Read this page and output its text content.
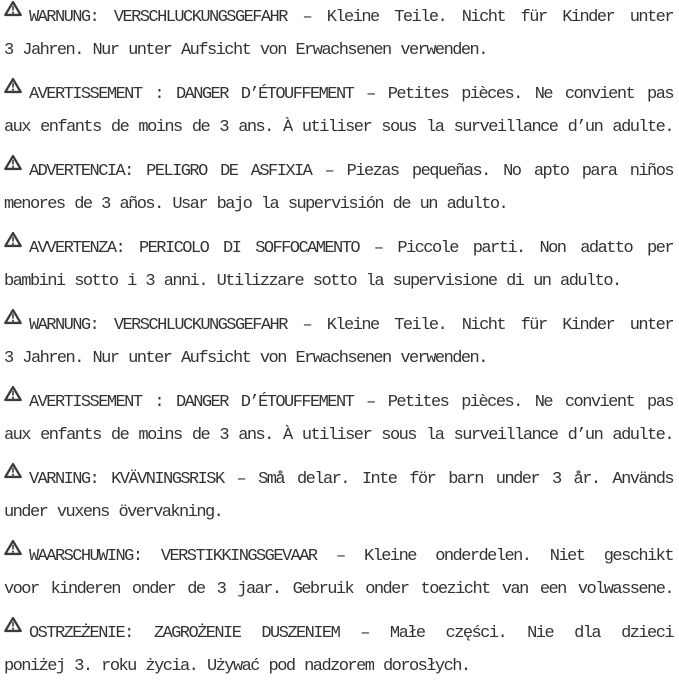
WARNUNG: VERSCHLUCKUNGSGEFAHR – Kleine Teile. Nicht für Kinder unter
3 Jahren. Nur unter Aufsicht von Erwachsenen verwenden.
AVERTISSEMENT : DANGER D’ÉTOUFFEMENT – Petites pièces. Ne convient pas
aux enfants de moins de 3 ans. À utiliser sous la surveillance d’un adulte.
ADVERTENCIA: PELIGRO DE ASFIXIA – Piezas pequeñas. No apto para niños
menores de 3 años. Usar bajo la supervisión de un adulto.
AVVERTENZA: PERICOLO DI SOFFOCAMENTO – Piccole parti. Non adatto per
bambini sotto i 3 anni. Utilizzare sotto la supervisione di un adulto.
WARNUNG: VERSCHLUCKUNGSGEFAHR – Kleine Teile. Nicht für Kinder unter
3 Jahren. Nur unter Aufsicht von Erwachsenen verwenden.
AVERTISSEMENT : DANGER D’ÉTOUFFEMENT – Petites pièces. Ne convient pas
aux enfants de moins de 3 ans. À utiliser sous la surveillance d’un adulte.
VARNING: KVÄVNINGSRISK – Små delar. Inte för barn under 3 år. Används
under vuxens övervakning.
WAARSCHUWING: VERSTIKKINGSGEVAAR – Kleine onderdelen. Niet geschikt
voor kinderen onder de 3 jaar. Gebruik onder toezicht van een volwassene.
OSTRZEŻENIE: ZAGROŻENIE DUSZENIEM – Małe części. Nie dla dzieci
poniżej 3. roku życia. Używać pod nadzorem dorosłych.
